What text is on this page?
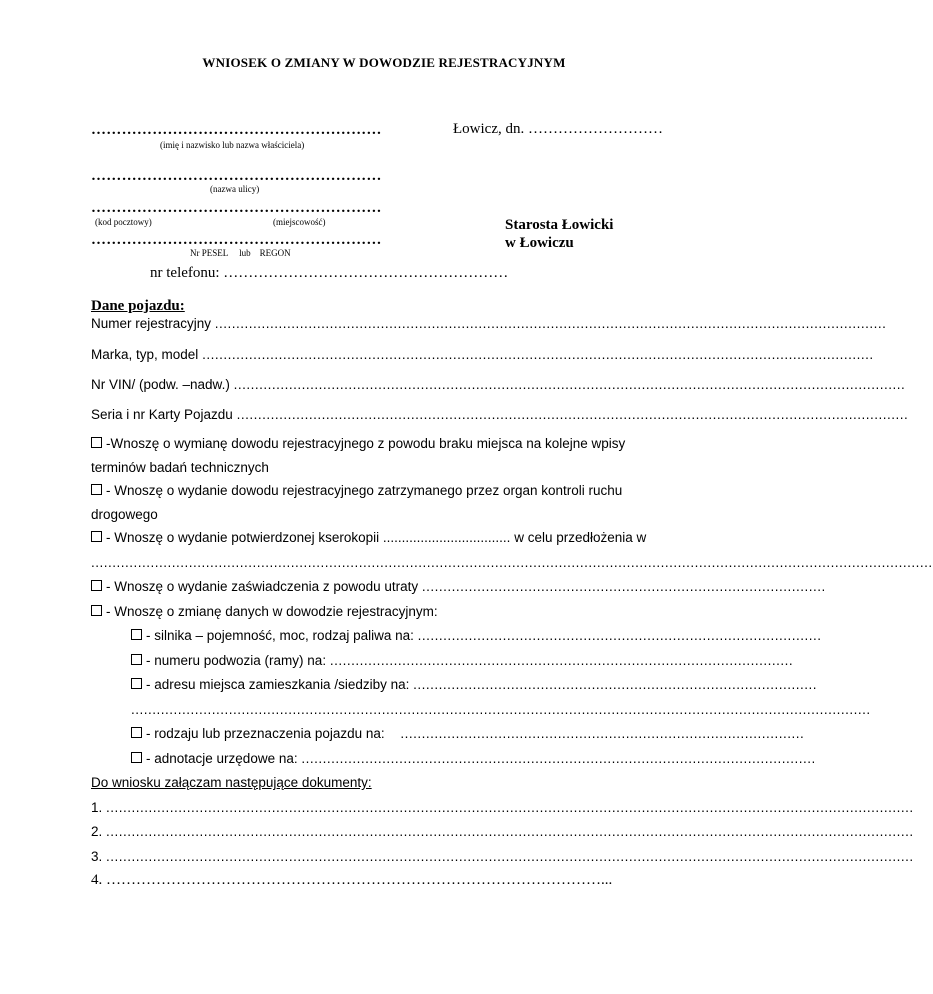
WNIOSEK O ZMIANY W DOWODZIE REJESTRACYJNYM
…………………………………………………
(imię i nazwisko lub nazwa właściciela)
…………………………………………………
(nazwa ulicy)
…………………………………………………
(kod pocztowy)	(miejscowość)
…………………………………………………
Nr PESEL     lub    REGON
Łowicz, dn. ………………………
Starosta Łowicki
w Łowiczu
nr telefonu: …………………………………………………
Dane pojazdu:
Numer rejestracyjny ..............................................................................................................................................................
Marka, typ, model ..............................................................................................................................................................
Nr VIN/ (podw. –nadw.) ..............................................................................................................................................................
Seria i nr Karty Pojazdu ..............................................................................................................................................................
-Wnoszę o wymianę dowodu rejestracyjnego z powodu braku miejsca na kolejne wpisy
terminów badań technicznych
- Wnoszę o wydanie dowodu rejestracyjnego zatrzymanego przez organ kontroli ruchu
drogowego
- Wnoszę o wydanie potwierdzonej kserokopii .................................. w celu przedłożenia w
......................................................................................................................................................................................................
- Wnoszę o wydanie zaświadczenia z powodu utraty ...............................................................................................
- Wnoszę o zmianę danych w dowodzie rejestracyjnym:
- silnika – pojemność, moc, rodzaj paliwa na: ...............................................................................................
- numeru podwozia (ramy) na: .............................................................................................................
- adresu miejsca zamieszkania /siedziby na: ...............................................................................................
..............................................................................................................................................................................
- rodzaju lub przeznaczenia pojazdu na: ...............................................................................................
- adnotacje urzędowe na: .........................................................................................................................
Do wniosku załączam następujące dokumenty:
1. ..............................................................................................................................................................................................
2. ..............................................................................................................................................................................................
3. ..............................................................................................................................................................................................
4. ………………………………………………………………………………………...
